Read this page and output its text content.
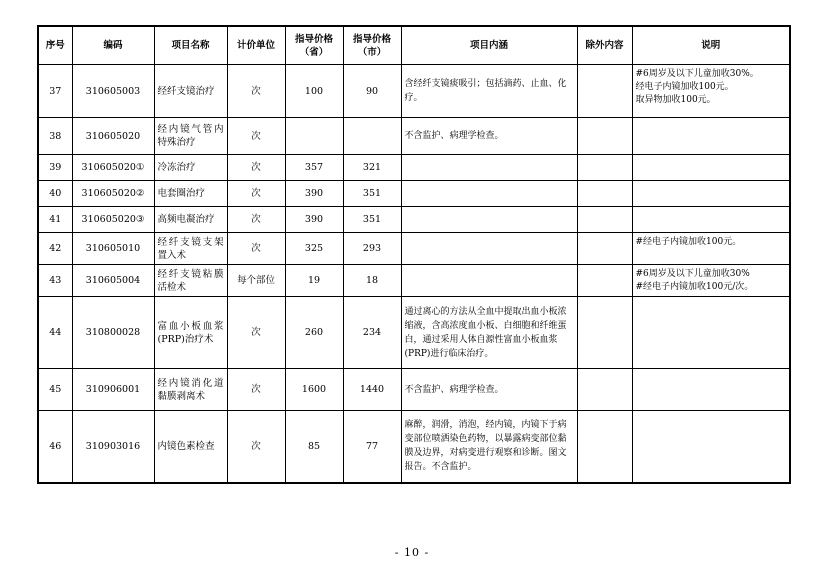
序号	编码	项目名称	计价单位	指导价格（省）	指导价格（市）	项目内涵	除外内容	说明
37	310605003	经纤支镜治疗	次	100	90	含经纤支镜痰吸引；包括滴药、止血、化疗。		#6周岁及以下儿童加收30%。
经电子内镜加收100元。
取异物加收100元。

38	310605020	经内镜气管内特殊治疗	次			不含监护、病理学检查。		
39	310605020①	冷冻治疗	次	357	321			
40	310605020②	电套圈治疗	次	390	351			
41	310605020③	高频电凝治疗	次	390	351			
42	310605010	经纤支镜支架置入术	次	325	293			#经电子内镜加收100元。

43	310605004	经纤支镜粘膜活检术	每个部位	19	18			#6周岁及以下儿童加收30%
#经电子内镜加收100元/次。

44	310800028	富血小板血浆(PRP)治疗术	次	260	234	通过离心的方法从全血中提取出血小板浓缩液，含高浓度血小板、白细胞和纤维蛋白，通过采用人体自源性富血小板血浆(PRP)进行临床治疗。		
45	310906001	经内镜消化道黏膜剥离术	次	1600	1440	不含监护、病理学检查。		
46	310903016	内镜色素检查	次	85	77	麻醉，润滑，消泡，经内镜，内镜下于病变部位喷洒染色药物，以暴露病变部位黏膜及边界，对病变进行观察和诊断。图文报告。不含监护。		
- 10 -
